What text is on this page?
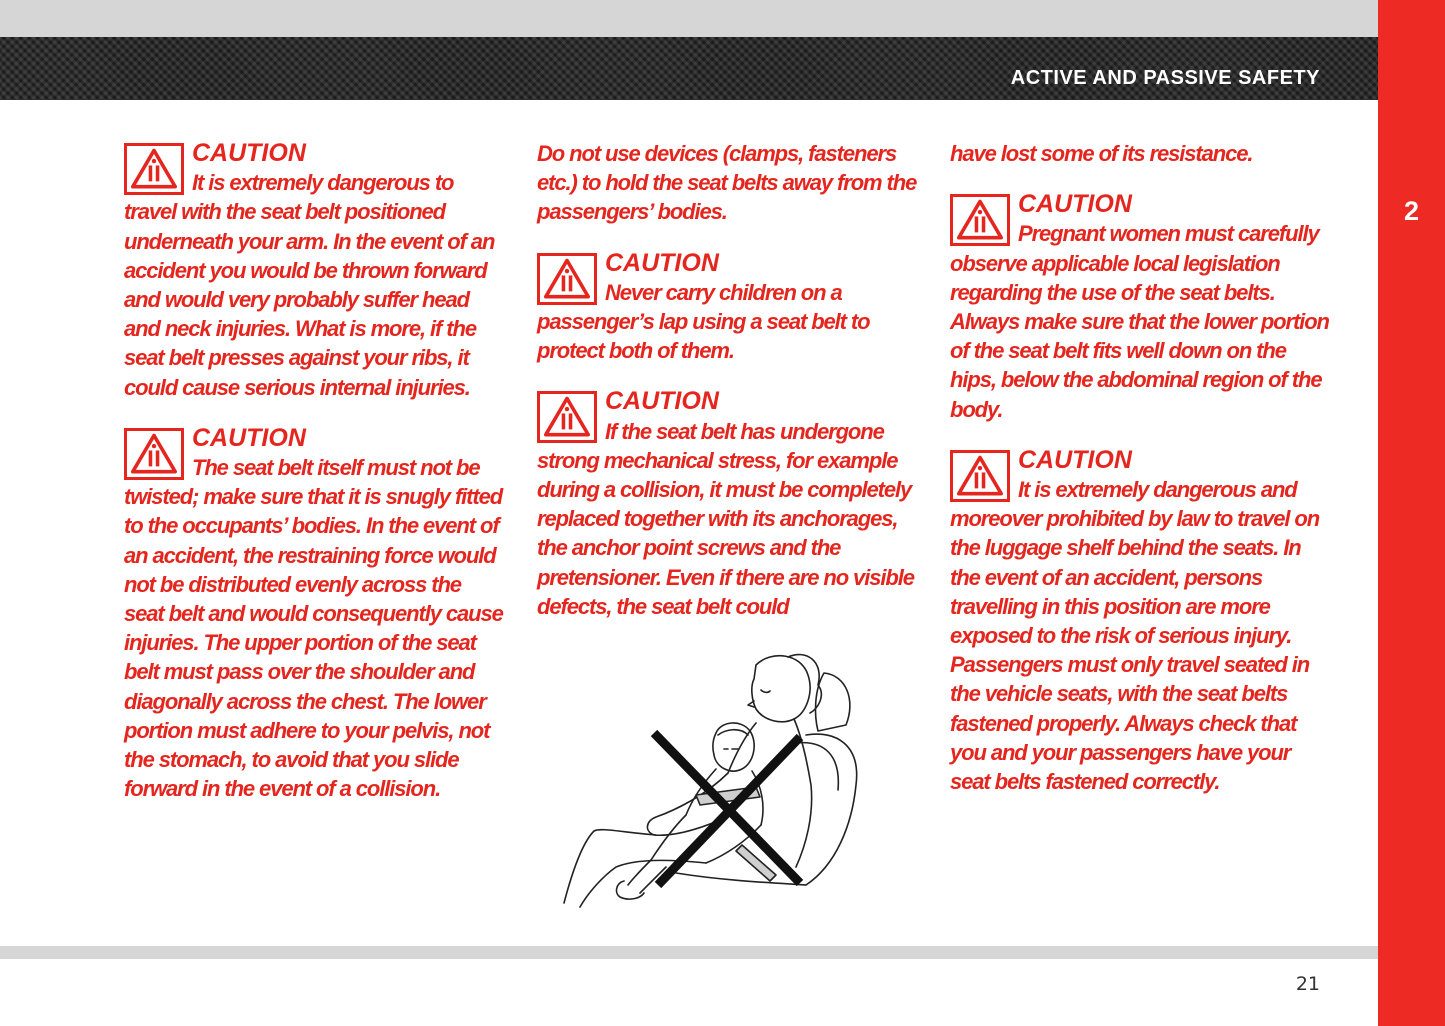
ACTIVE AND PASSIVE SAFETY
2
CAUTION
It is extremely dangerous to travel with the seat belt positioned underneath your arm. In the event of an accident you would be thrown forward and would very probably suffer head and neck injuries. What is more, if the seat belt presses against your ribs, it could cause serious internal injuries.
CAUTION
The seat belt itself must not be twisted; make sure that it is snugly fitted to the occupants’ bodies. In the event of an accident, the restraining force would not be distributed evenly across the seat belt and would consequently cause injuries. The upper portion of the seat belt must pass over the shoulder and diagonally across the chest. The lower portion must adhere to your pelvis, not the stomach, to avoid that you slide forward in the event of a collision.

Do not use devices (clamps, fasteners etc.) to hold the seat belts away from the passengers’ bodies.

CAUTION
Never carry children on a passenger’s lap using a seat belt to protect both of them.
CAUTION
If the seat belt has undergone strong mechanical stress, for example during a collision, it must be completely replaced together with its anchorages, the anchor point screws and the pretensioner. Even if there are no visible defects, the seat belt could

have lost some of its resistance.

CAUTION
Pregnant women must carefully observe applicable local legislation regarding the use of the seat belts. Always make sure that the lower portion of the seat belt fits well down on the hips, below the abdominal region of the body.
CAUTION
It is extremely dangerous and moreover prohibited by law to travel on the luggage shelf behind the seats. In the event of an accident, persons travelling in this position are more exposed to the risk of serious injury. Passengers must only travel seated in the vehicle seats, with the seat belts fastened properly. Always check that you and your passengers have your seat belts fastened correctly.
21
